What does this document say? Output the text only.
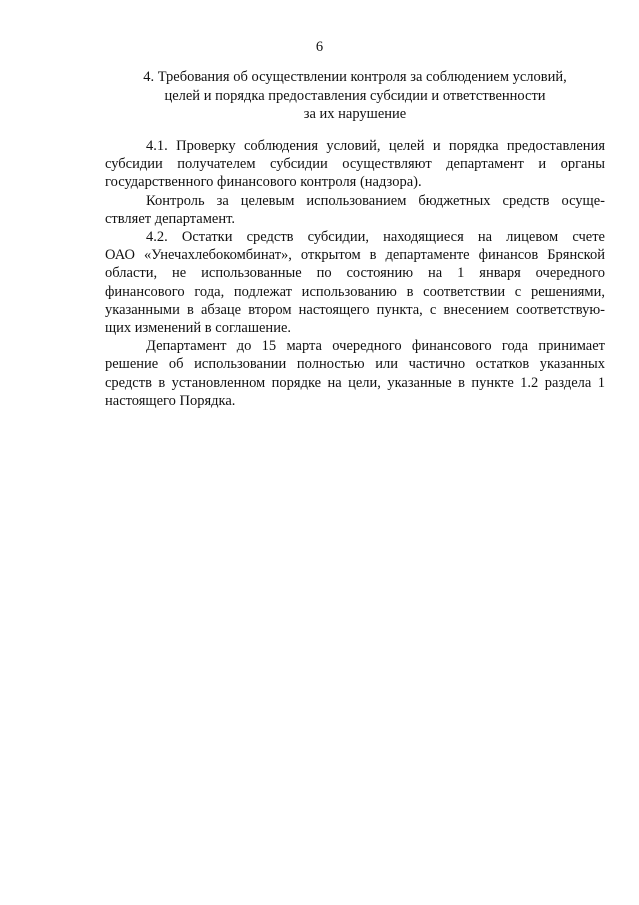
6
4. Требования об осуществлении контроля за соблюдением условий,
целей и порядка предоставления субсидии и ответственности
за их нарушение

4.1. Проверку соблюдения условий, целей и порядка предоставления
субсидии получателем субсидии осуществляют департамент и органы
государственного финансового контроля (надзора).

Контроль за целевым использованием бюджетных средств осуще-
ствляет департамент.

4.2. Остатки средств субсидии, находящиеся на лицевом счете
ОАО «Унечахлебокомбинат», открытом в департаменте финансов Брянской
области, не использованные по состоянию на 1 января очередного
финансового года, подлежат использованию в соответствии с решениями,
указанными в абзаце втором настоящего пункта, с внесением соответствую-
щих изменений в соглашение.

Департамент до 15 марта очередного финансового года принимает
решение об использовании полностью или частично остатков указанных
средств в установленном порядке на цели, указанные в пункте 1.2 раздела 1
настоящего Порядка.
